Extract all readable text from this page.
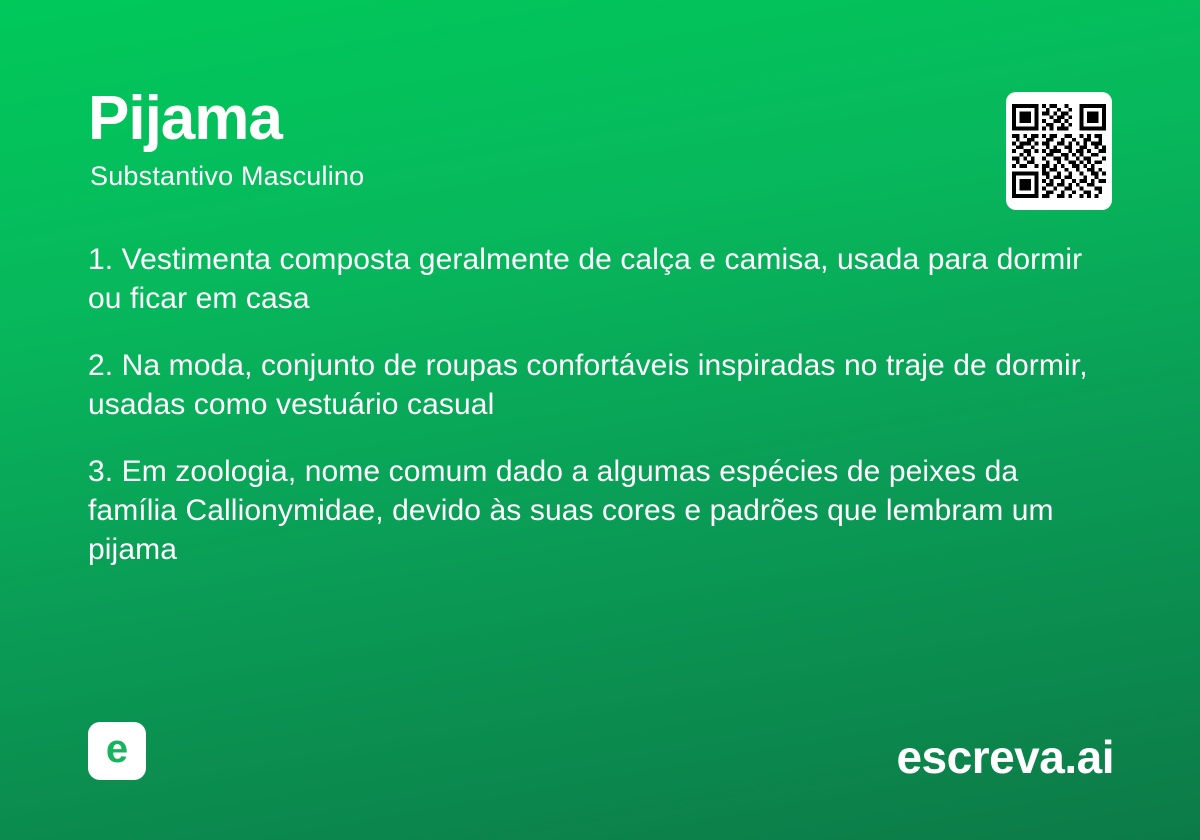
Pijama
Substantivo Masculino

1. Vestimenta composta geralmente de calça e camisa, usada para dormir ou ficar em casa

2. Na moda, conjunto de roupas confortáveis inspiradas no traje de dormir, usadas como vestuário casual

3. Em zoologia, nome comum dado a algumas espécies de peixes da família Callionymidae, devido às suas cores e padrões que lembram um pijama

e	escreva.ai
